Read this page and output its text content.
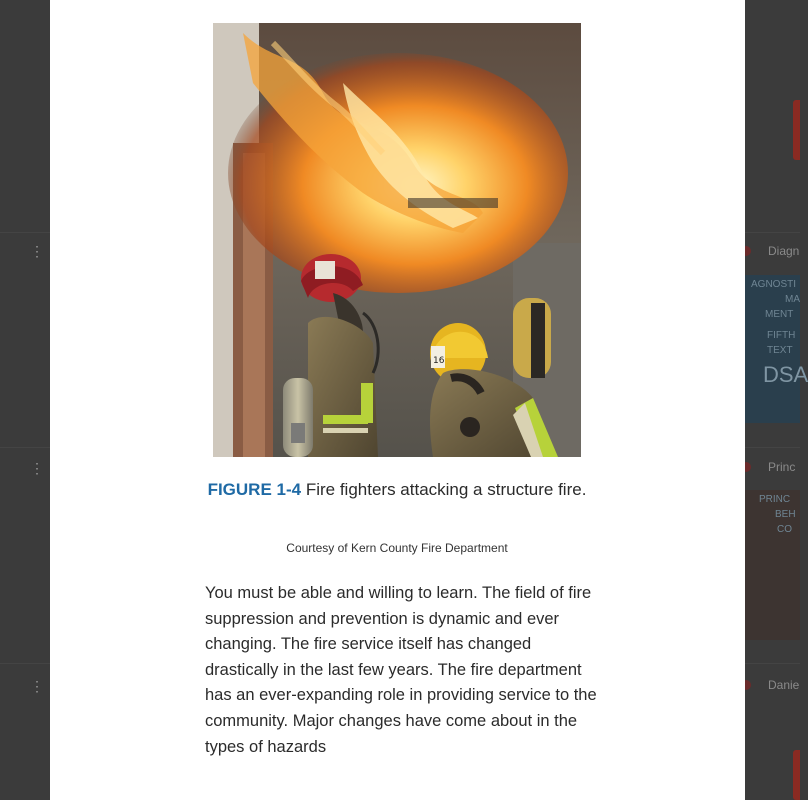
⋮
⋮
⋮
Diagn
Princ
Danie
AGNOSTI
MA
MENT
FIFTH
TEXT
DSA
PRINC
BEH
CO
16
FIGURE 1-4 Fire fighters attacking a structure fire.
Courtesy of Kern County Fire Department

You must be able and willing to learn. The field of fire suppression and prevention is dynamic and ever changing. The fire service itself has changed drastically in the last few years. The fire department has an ever-expanding role in providing service to the community. Major changes have come about in the types of hazards
